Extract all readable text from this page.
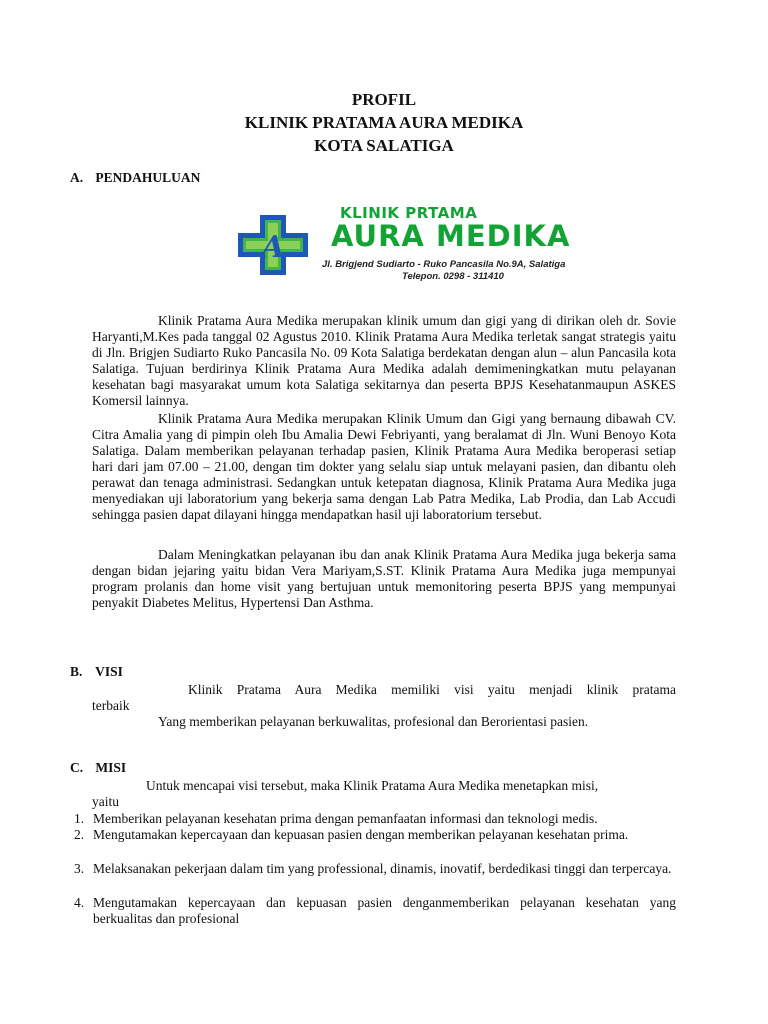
PROFIL
KLINIK PRATAMA AURA MEDIKA
KOTA SALATIGA
A. PENDAHULUAN
A
KLINIK PRTAMA
AURA MEDIKA
Jl. Brigjend Sudiarto - Ruko Pancasila No.9A, Salatiga
Telepon. 0298 - 311410
Klinik Pratama Aura Medika merupakan klinik umum dan gigi yang di dirikan oleh dr. Sovie Haryanti,M.Kes pada tanggal 02 Agustus 2010. Klinik Pratama Aura Medika terletak sangat strategis yaitu di Jln. Brigjen Sudiarto Ruko Pancasila No. 09 Kota Salatiga berdekatan dengan alun – alun Pancasila kota Salatiga. Tujuan berdirinya Klinik Pratama Aura Medika adalah demimeningkatkan mutu pelayanan kesehatan bagi masyarakat umum kota Salatiga sekitarnya dan peserta BPJS Kesehatanmaupun ASKES Komersil lainnya.
Klinik Pratama Aura Medika merupakan Klinik Umum dan Gigi yang bernaung dibawah CV. Citra Amalia yang di pimpin oleh Ibu Amalia Dewi Febriyanti, yang beralamat di Jln. Wuni Benoyo Kota Salatiga. Dalam memberikan pelayanan terhadap pasien, Klinik Pratama Aura Medika beroperasi setiap hari dari jam 07.00 – 21.00, dengan tim dokter yang selalu siap untuk melayani pasien, dan dibantu oleh perawat dan tenaga administrasi. Sedangkan untuk ketepatan diagnosa, Klinik Pratama Aura Medika juga menyediakan uji laboratorium yang bekerja sama dengan Lab Patra Medika, Lab Prodia, dan Lab Accudi sehingga pasien dapat dilayani hingga mendapatkan hasil uji laboratorium tersebut.
Dalam Meningkatkan pelayanan ibu dan anak Klinik Pratama Aura Medika juga bekerja sama dengan bidan jejaring yaitu bidan Vera Mariyam,S.ST. Klinik Pratama Aura Medika juga mempunyai program prolanis dan home visit yang bertujuan untuk memonitoring peserta BPJS yang mempunyai penyakit Diabetes Melitus, Hypertensi Dan Asthma.
B. VISI
Klinik Pratama Aura Medika memiliki visi yaitu menjadi klinik pratama
terbaik
Yang memberikan pelayanan berkuwalitas, profesional dan Berorientasi pasien.
C. MISI
Untuk mencapai visi tersebut, maka Klinik Pratama Aura Medika menetapkan misi,
yaitu
1. Memberikan pelayanan kesehatan prima dengan pemanfaatan informasi dan teknologi medis.
2. Mengutamakan kepercayaan dan kepuasan pasien dengan memberikan pelayanan kesehatan prima.
3. Melaksanakan pekerjaan dalam tim yang professional, dinamis, inovatif, berdedikasi tinggi dan terpercaya.
4. Mengutamakan kepercayaan dan kepuasan pasien denganmemberikan pelayanan kesehatan yang berkualitas dan profesional
